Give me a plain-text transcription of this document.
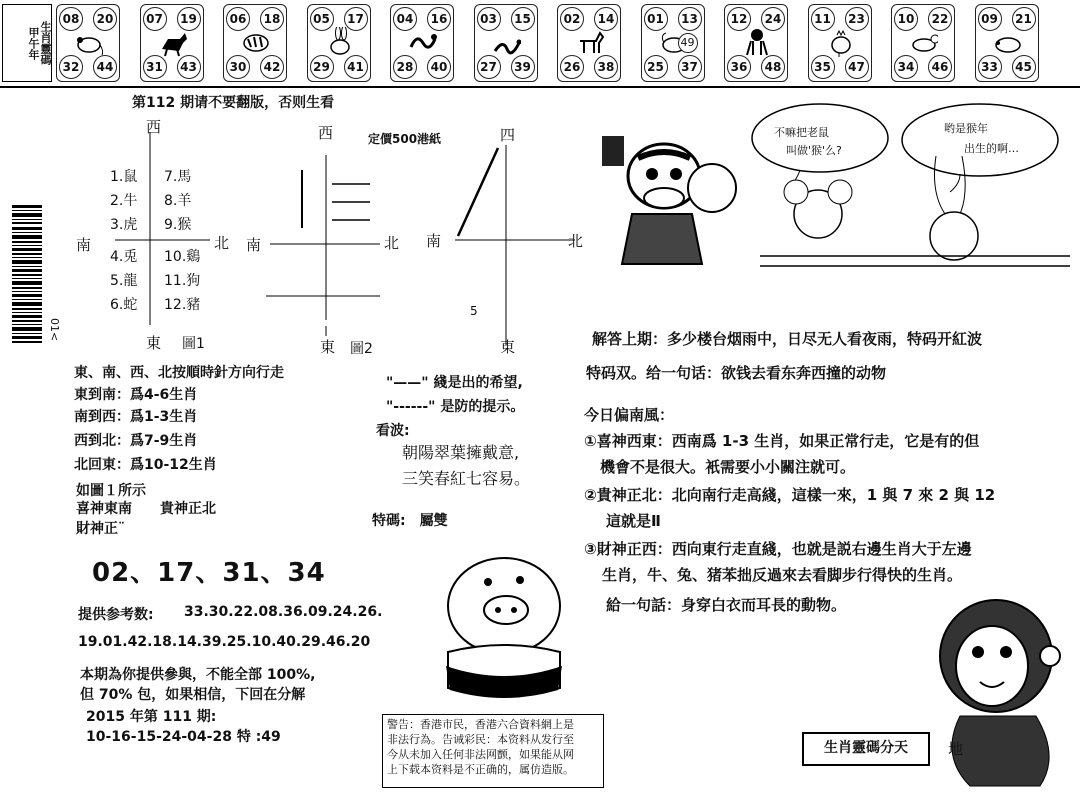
生肖靈碼
甲午年
08	20
32	44
07	19
31	43
06	18
30	42
05	17
29	41
04	16
28	40
03	15
27	39
02	14
26	38
01	13
25	37
49
12	24
36	48
11	23
35	47
10	22
34	46
09	21
33	45
第112 期请不要翻版，否则生看
定價500港紙
01<
西
南	北
東 圖1
1.鼠
2.牛
3.虎
4.兎
5.龍
6.蛇
7.馬
8.羊
9.猴
10.鷄
11.狗
12.豬
西
南	北
東 圖2
四
南	北
東
5
不嘛把老鼠
叫做'猴'么?
哟是猴年
出生的啊…
東、南、西、北按順時針方向行走
東到南：爲4-6生肖
南到西：爲1-3生肖
西到北：爲7-9生肖
北回東：爲10-12生肖
如圖１所示
喜神東南　　貴神正北
財神正¨
02、17、31、34
提供参考数: 33.30.22.08.36.09.24.26.
19.01.42.18.14.39.25.10.40.29.46.20
本期為你提供參與，不能全部 100%,
但 70% 包，如果相信，下回在分解
2015 年第 111 期:
10-16-15-24-04-28 特 :49
"——" 綫是出的希望,
"------" 是防的提示。
看波:
朝陽翠葉擁戴意,
三笑春紅七容易。
特碼:　屬雙
解答上期：多少楼台烟雨中，日尽无人看夜雨，特码开紅波
特码双。给一句话：欲钱去看东奔西撞的动物
今日偏南風：
①喜神西東：西南爲 1-3 生肖，如果正常行走，它是有的但
機會不是很大。衹需要小小關注就可。
②貴神正北：北向南行走高綫，這樣一來，1 與 7 來 2 與 12
這就是Ⅱ
③財神正西：西向東行走直綫，也就是説右邊生肖大于左邊
生肖，牛、兔、猪苯拙反過來去看脚步行得快的生肖。
給一句話：身穿白衣而耳長的動物。
警告：香港市民，香港六合資料網上是
非法行為。告诫彩民：本资料从发行至
今从未加入任何非法网颤，如果能从网
上下载本资料是不正确的，属仿造版。
生肖靈碼分天	地
